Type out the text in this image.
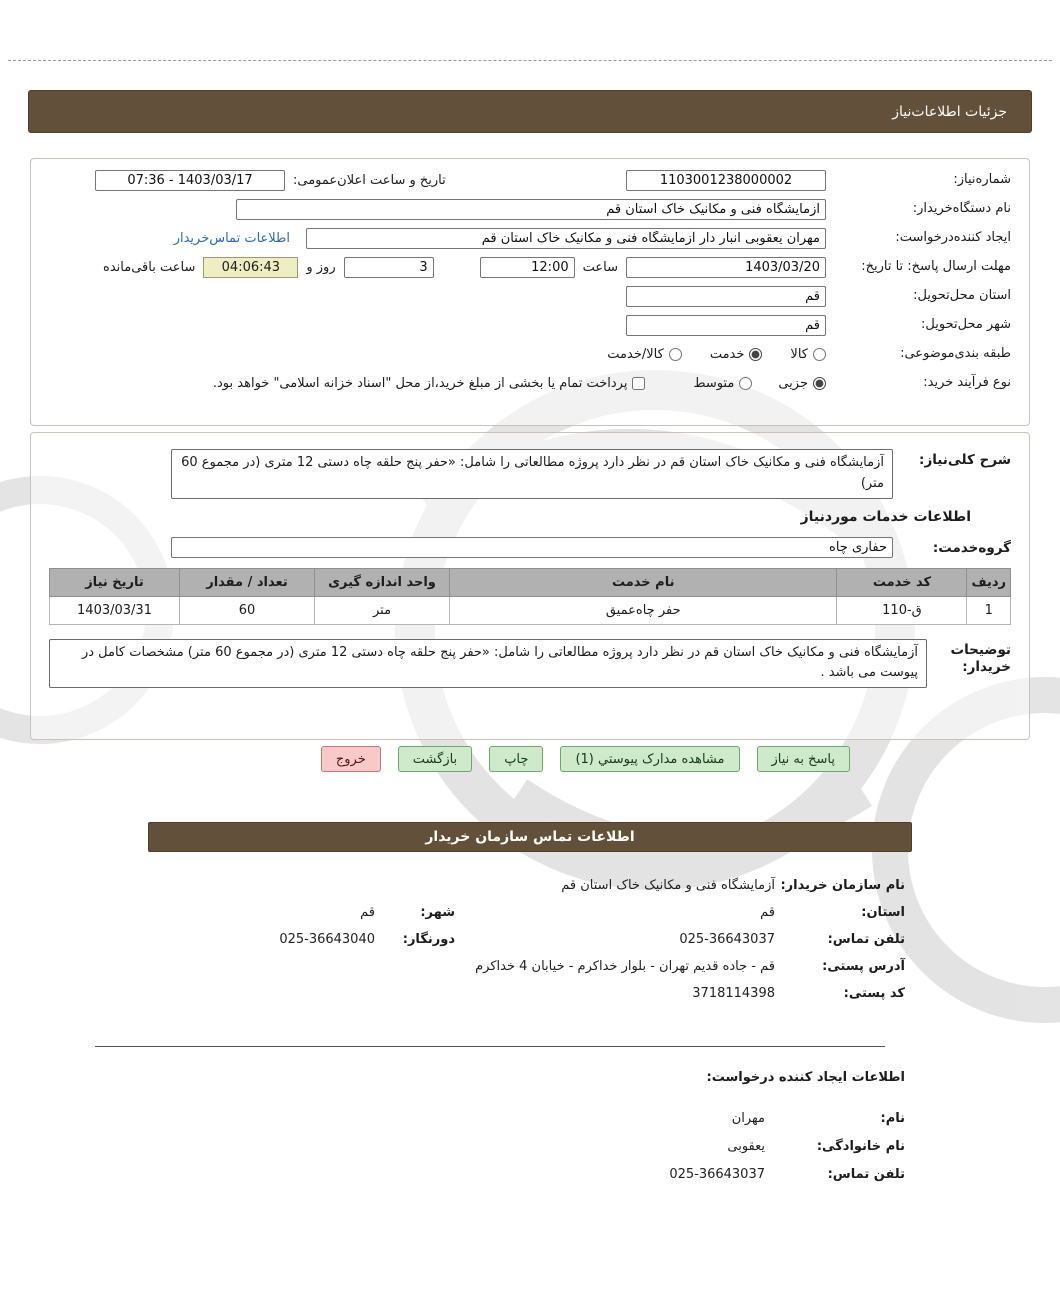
جزئیات اطلاعات‌نیاز
شماره‌نیاز:
1103001238000002
تاریخ و ساعت اعلان‌عمومی:
07:36 - 1403/03/17
نام دستگاه‌خریدار:
آزمایشگاه فنی و مکانیک خاک استان قم
ایجاد کننده‌درخواست:
مهران یعقوبی انبار دار آزمایشگاه فنی و مکانیک خاک استان قم
اطلاعات تماس‌خریدار
مهلت ارسال پاسخ: تا تاریخ:
1403/03/20
ساعت
12:00
3
روز و
04:06:43
ساعت باقی‌مانده
استان محل‌تحویل:
قم
شهر محل‌تحویل:
قم
طبقه بندی‌موضوعی:
کالا
خدمت
کالا/خدمت
نوع فرآیند خرید:
جزیی
متوسط
پرداخت تمام یا بخشی از مبلغ خرید،از محل "اسناد خزانه اسلامی" خواهد بود.
شرح کلی‌نیاز:
آزمایشگاه فنی و مکانیک خاک استان قم در نظر دارد پروژه مطالعاتی را شامل: «حفر پنج حلقه چاه دستی 12 متری (در مجموع 60 متر)
اطلاعات خدمات موردنیاز
گروه‌خدمت:
حفاری چاه
ردیف	کد خدمت	نام خدمت	واحد اندازه گیری	تعداد / مقدار	تاریخ نیاز
1	ق-110	حفر چاه‌عمیق	متر	60	1403/03/31
توضیحات خریدار:
آزمایشگاه فنی و مکانیک خاک استان قم در نظر دارد پروژه مطالعاتی را شامل: «حفر پنج حلقه چاه دستی 12 متری (در مجموع 60 متر) مشخصات کامل در پیوست می باشد .
پاسخ به نیاز
مشاهده مدارک پیوستي (1)
چاپ
بازگشت
خروج
اطلاعات تماس سازمان خریدار
نام سازمان خریدار:
آزمایشگاه فنی و مکانیک خاک استان قم
استان:
قم
شهر:
قم
تلفن تماس:
025-36643037
دورنگار:
025-36643040
آدرس پستی:
قم - جاده قدیم تهران - بلوار خداکرم - خیابان 4 خداکرم
کد پستی:
3718114398
اطلاعات ایجاد کننده درخواست:
نام:
مهران
نام خانوادگی:
یعقوبی
تلفن تماس:
025-36643037
